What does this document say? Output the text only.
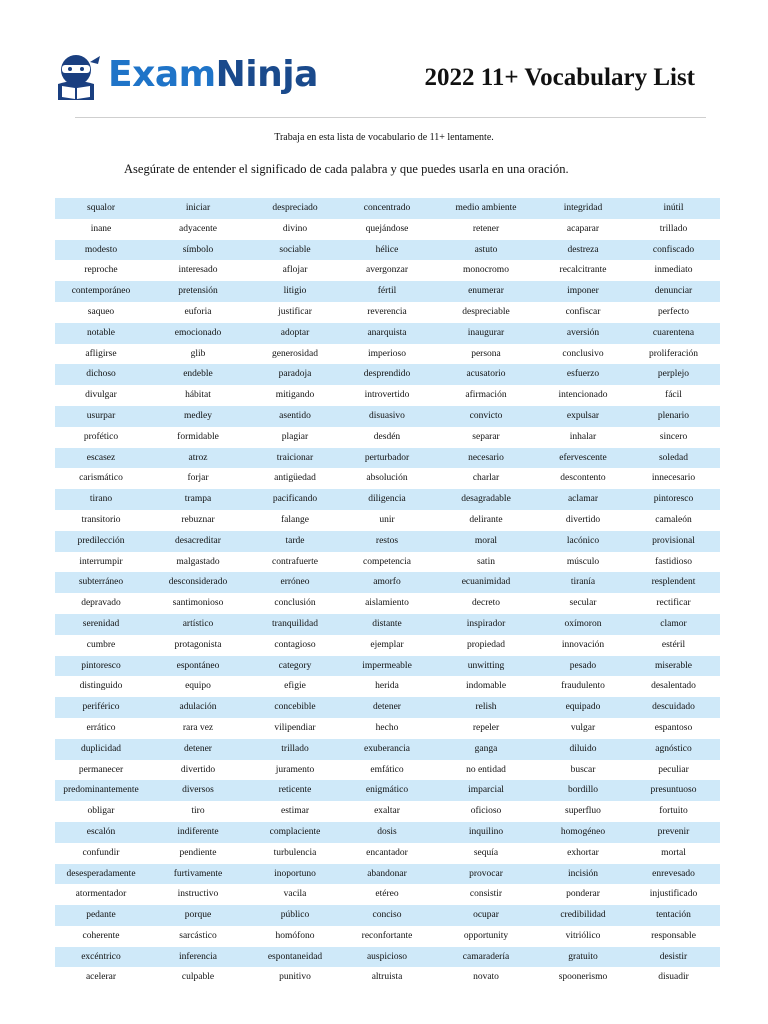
ExamNinja	2022 11+ Vocabulary List
Trabaja en esta lista de vocabulario de 11+ lentamente.
Asegúrate de entender el significado de cada palabra y que puedes usarla en una oración.
squalor	iniciar	despreciado	concentrado	medio ambiente	integridad	inútil
inane	adyacente	divino	quejándose	retener	acaparar	trillado
modesto	símbolo	sociable	hélice	astuto	destreza	confiscado
reproche	interesado	aflojar	avergonzar	monocromo	recalcitrante	inmediato
contemporáneo	pretensión	litigio	fértil	enumerar	imponer	denunciar
saqueo	euforia	justificar	reverencia	despreciable	confiscar	perfecto
notable	emocionado	adoptar	anarquista	inaugurar	aversión	cuarentena
afligirse	glib	generosidad	imperioso	persona	conclusivo	proliferación
dichoso	endeble	paradoja	desprendido	acusatorio	esfuerzo	perplejo
divulgar	hábitat	mitigando	introvertido	afirmación	intencionado	fácil
usurpar	medley	asentido	disuasivo	convicto	expulsar	plenario
profético	formidable	plagiar	desdén	separar	inhalar	sincero
escasez	atroz	traicionar	perturbador	necesario	efervescente	soledad
carismático	forjar	antigüedad	absolución	charlar	descontento	innecesario
tirano	trampa	pacificando	diligencia	desagradable	aclamar	pintoresco
transitorio	rebuznar	falange	unir	delirante	divertido	camaleón
predilección	desacreditar	tarde	restos	moral	lacónico	provisional
interrumpir	malgastado	contrafuerte	competencia	satin	músculo	fastidioso
subterráneo	desconsiderado	erróneo	amorfo	ecuanimidad	tiranía	resplendent
depravado	santimonioso	conclusión	aislamiento	decreto	secular	rectificar
serenidad	artístico	tranquilidad	distante	inspirador	oxímoron	clamor
cumbre	protagonista	contagioso	ejemplar	propiedad	innovación	estéril
pintoresco	espontáneo	category	impermeable	unwitting	pesado	miserable
distinguido	equipo	efigie	herida	indomable	fraudulento	desalentado
periférico	adulación	concebible	detener	relish	equipado	descuidado
errático	rara vez	vilipendiar	hecho	repeler	vulgar	espantoso
duplicidad	detener	trillado	exuberancia	ganga	diluido	agnóstico
permanecer	divertido	juramento	emfático	no entidad	buscar	peculiar
predominantemente	diversos	reticente	enigmático	imparcial	bordillo	presuntuoso
obligar	tiro	estimar	exaltar	oficioso	superfluo	fortuito
escalón	indiferente	complaciente	dosis	inquilino	homogéneo	prevenir
confundir	pendiente	turbulencia	encantador	sequía	exhortar	mortal
desesperadamente	furtivamente	inoportuno	abandonar	provocar	incisión	enrevesado
atormentador	instructivo	vacila	etéreo	consistir	ponderar	injustificado
pedante	porque	público	conciso	ocupar	credibilidad	tentación
coherente	sarcástico	homófono	reconfortante	opportunity	vitriólico	responsable
excéntrico	inferencia	espontaneidad	auspicioso	camaradería	gratuito	desistir
acelerar	culpable	punitivo	altruista	novato	spoonerismo	disuadir
